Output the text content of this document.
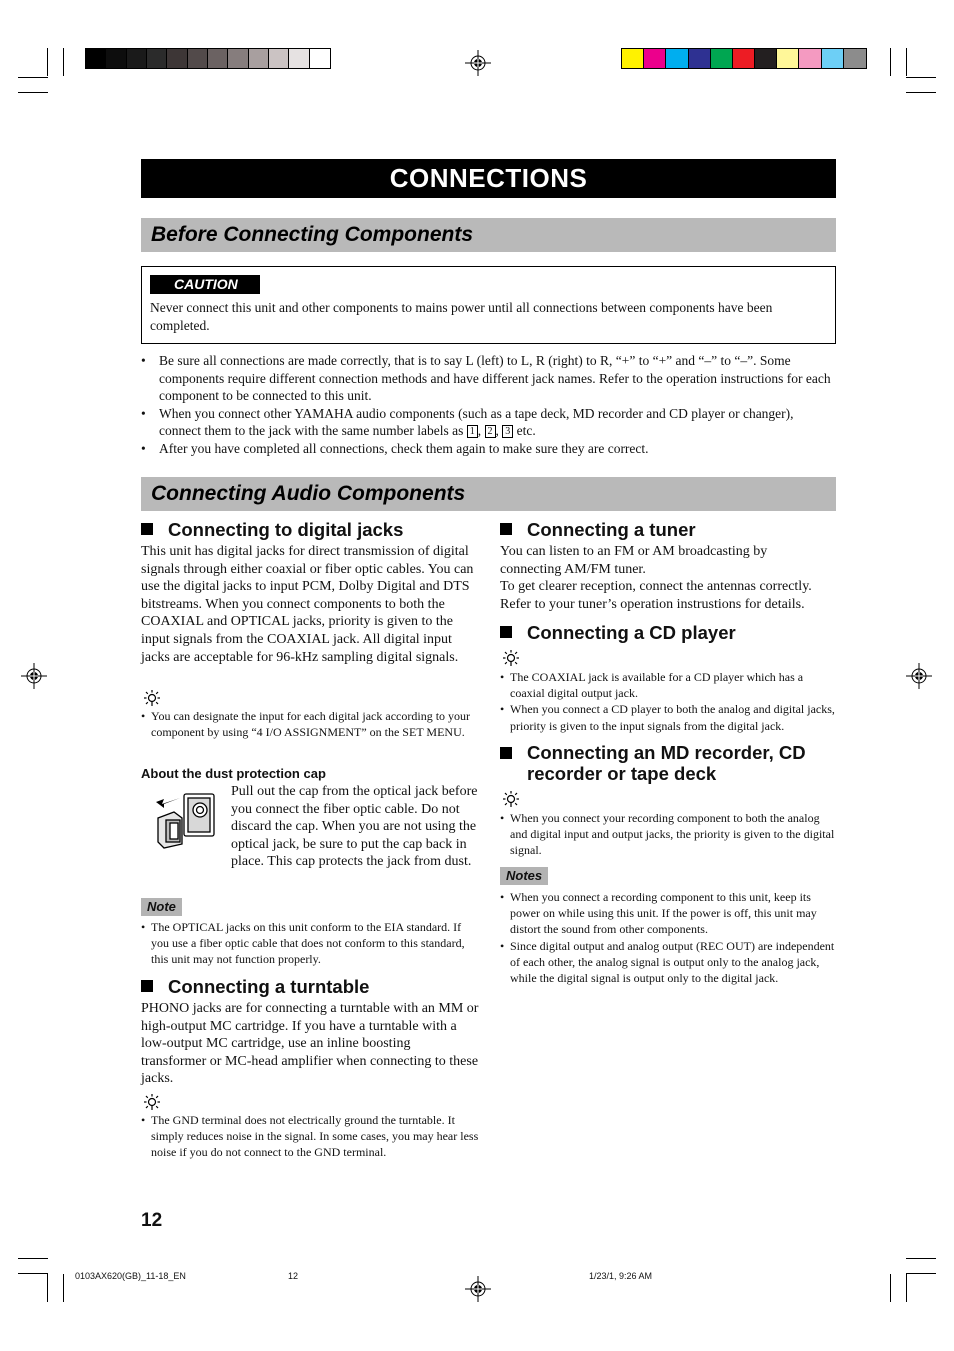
CONNECTIONS
Before Connecting Components
CAUTION
Never connect this unit and other components to mains power until all connections between components have been completed.
• Be sure all connections are made correctly, that is to say L (left) to L, R (right) to R, “+” to “+” and “–” to “–”. Some components require different connection methods and have different jack names. Refer to the operation instructions for each component to be connected to this unit.
• When you connect other YAMAHA audio components (such as a tape deck, MD recorder and CD player or changer), connect them to the jack with the same number labels as 1 , 2 , 3 etc.
• After you have completed all connections, check them again to make sure they are correct.
Connecting Audio Components
Connecting to digital jacks
This unit has digital jacks for direct transmission of digital signals through either coaxial or fiber optic cables. You can use the digital jacks to input PCM, Dolby Digital and DTS bitstreams. When you connect components to both the COAXIAL and OPTICAL jacks, priority is given to the input signals from the COAXIAL jack. All digital input jacks are acceptable for 96-kHz sampling digital signals.
• You can designate the input for each digital jack according to your component by using “4 I/O ASSIGNMENT” on the SET MENU.
About the dust protection cap
Pull out the cap from the optical jack before you connect the fiber optic cable. Do not discard the cap. When you are not using the optical jack, be sure to put the cap back in place. This cap protects the jack from dust.
Note
• The OPTICAL jacks on this unit conform to the EIA standard. If you use a fiber optic cable that does not conform to this standard, this unit may not function properly.
Connecting a turntable
PHONO jacks are for connecting a turntable with an MM or high-output MC cartridge. If you have a turntable with a low-output MC cartridge, use an inline boosting transformer or MC-head amplifier when connecting to these jacks.
• The GND terminal does not electrically ground the turntable. It simply reduces noise in the signal. In some cases, you may hear less noise if you do not connect to the GND terminal.
Connecting a tuner
You can listen to an FM or AM broadcasting by connecting AM/FM tuner.
To get clearer reception, connect the antennas correctly. Refer to your tuner’s operation instrustions for details.
Connecting a CD player
• The COAXIAL jack is available for a CD player which has a coaxial digital output jack.
• When you connect a CD player to both the analog and digital jacks, priority is given to the input signals from the digital jack.
Connecting an MD recorder, CD recorder or tape deck
• When you connect your recording component to both the analog and digital input and output jacks, the priority is given to the digital signal.
Notes
• When you connect a recording component to this unit, keep its power on while using this unit. If the power is off, this unit may distort the sound from other components.
• Since digital output and analog output (REC OUT) are independent of each other, the analog signal is output only to the analog jack, while the digital signal is output only to the digital jack.
12
0103AX620(GB)_11-18_EN	12	1/23/1, 9:26 AM
